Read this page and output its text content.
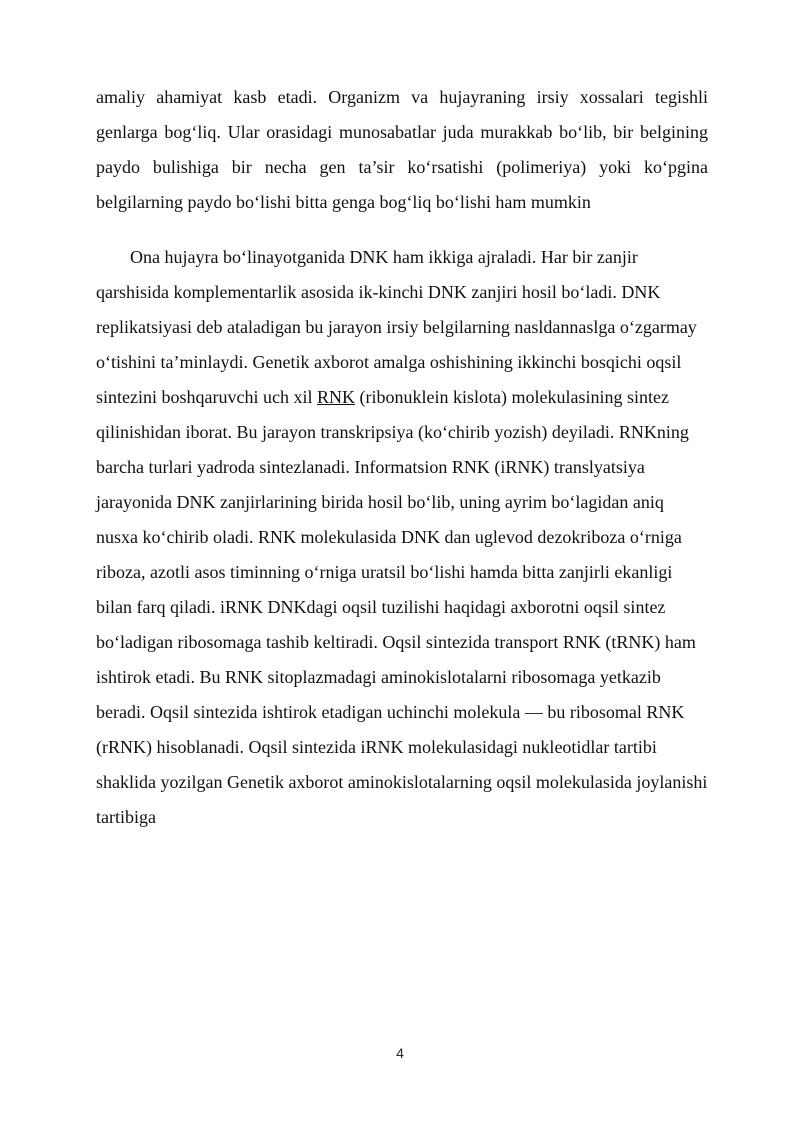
amaliy ahamiyat kasb etadi. Organizm va hujayraning irsiy xossalari tegishli genlarga bog‘liq. Ular orasidagi munosabatlar juda murakkab bo‘lib, bir belgining paydo bulishiga bir necha gen ta’sir ko‘rsatishi (polimeriya) yoki ko‘pgina belgilarning paydo bo‘lishi bitta genga bog‘liq bo‘lishi ham mumkin

Ona hujayra bo‘linayotganida DNK ham ikkiga ajraladi. Har bir zanjir qarshisida komplementarlik asosida ik-kinchi DNK zanjiri hosil bo‘ladi. DNK replikatsiyasi deb ataladigan bu jarayon irsiy belgilarning nasldannaslga o‘zgarmay o‘tishini ta’minlaydi. Genetik axborot amalga oshishining ikkinchi bosqichi oqsil sintezini boshqaruvchi uch xil RNK (ribonuklein kislota) molekulasining sintez qilinishidan iborat. Bu jarayon transkripsiya (ko‘chirib yozish) deyiladi. RNKning barcha turlari yadroda sintezlanadi. Informatsion RNK (iRNK) translyatsiya jarayonida DNK zanjirlarining birida hosil bo‘lib, uning ayrim bo‘lagidan aniq nusxa ko‘chirib oladi. RNK molekulasida DNK dan uglevod dezokriboza o‘rniga riboza, azotli asos timinning o‘rniga uratsil bo‘lishi hamda bitta zanjirli ekanligi bilan farq qiladi. iRNK DNKdagi oqsil tuzilishi haqidagi axborotni oqsil sintez bo‘ladigan ribosomaga tashib keltiradi. Oqsil sintezida transport RNK (tRNK) ham ishtirok etadi. Bu RNK sitoplazmadagi aminokislotalarni ribosomaga yetkazib beradi. Oqsil sintezida ishtirok etadigan uchinchi molekula — bu ribosomal RNK (rRNK) hisoblanadi. Oqsil sintezida iRNK molekulasidagi nukleotidlar tartibi shaklida yozilgan Genetik axborot aminokislotalarning oqsil molekulasida joylanishi tartibiga

4
